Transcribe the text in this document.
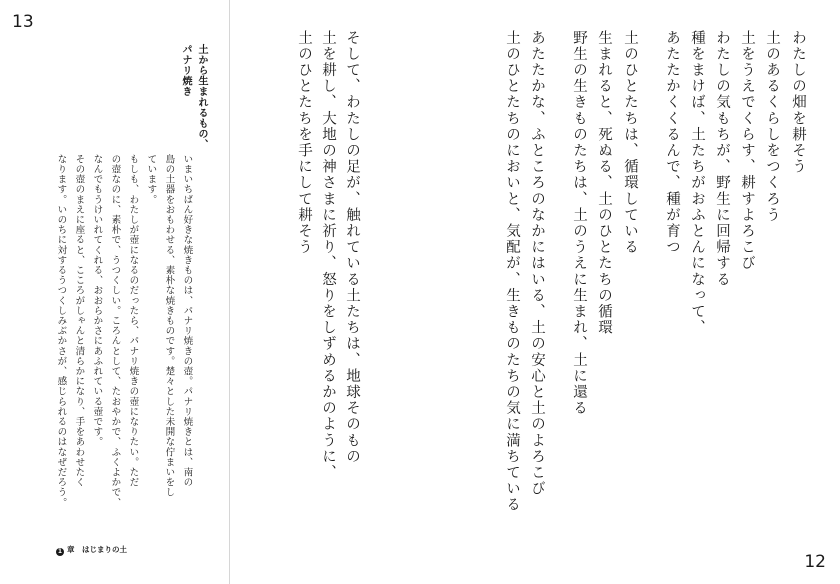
13
12
わたしの畑を耕そう
土のあるくらしをつくろう
土をうえでくらす、耕すよろこび
わたしの気もちが、野生に回帰する
種をまけば、土たちがおふとんになって、
あたたかくくるんで、種が育つ
土のひとたちは、循環している
生まれると、死ぬる、土のひとたちの循環
野生の生きものたちは、土のうえに生まれ、土に還る
あたたかな、ふところのなかにはいる、土の安心と土のよろこび
土のひとたちのにおいと、気配が、生きものたちの気に満ちている
そして、わたしの足が、触れている土たちは、地球そのもの
土を耕し、大地の神さまに祈り、怒りをしずめるかのように、
土のひとたちを手にして耕そう
土から生まれるもの、
パナリ焼き
いまいちばん好きな焼きものは、パナリ焼きの壺。パナリ焼きとは、南の
島の土器をおもわせる、素朴な焼きものです。楚々とした未開な佇まいをし
ています。
もしも、わたしが壺になるのだったら、パナリ焼きの壺になりたい。ただ
の壺なのに、素朴で、うつくしい。ころんとして、たおやかで、ふくよかで、
なんでもうけいれてくれる、おおらかさにあふれている壺です。
その壺のまえに座ると、こころがしゃんと清らかになり、手をあわせたく
なります。いのちに対するうつくしみぶかさが、感じられるのはなぜだろう。
1 章　はじまりの土
